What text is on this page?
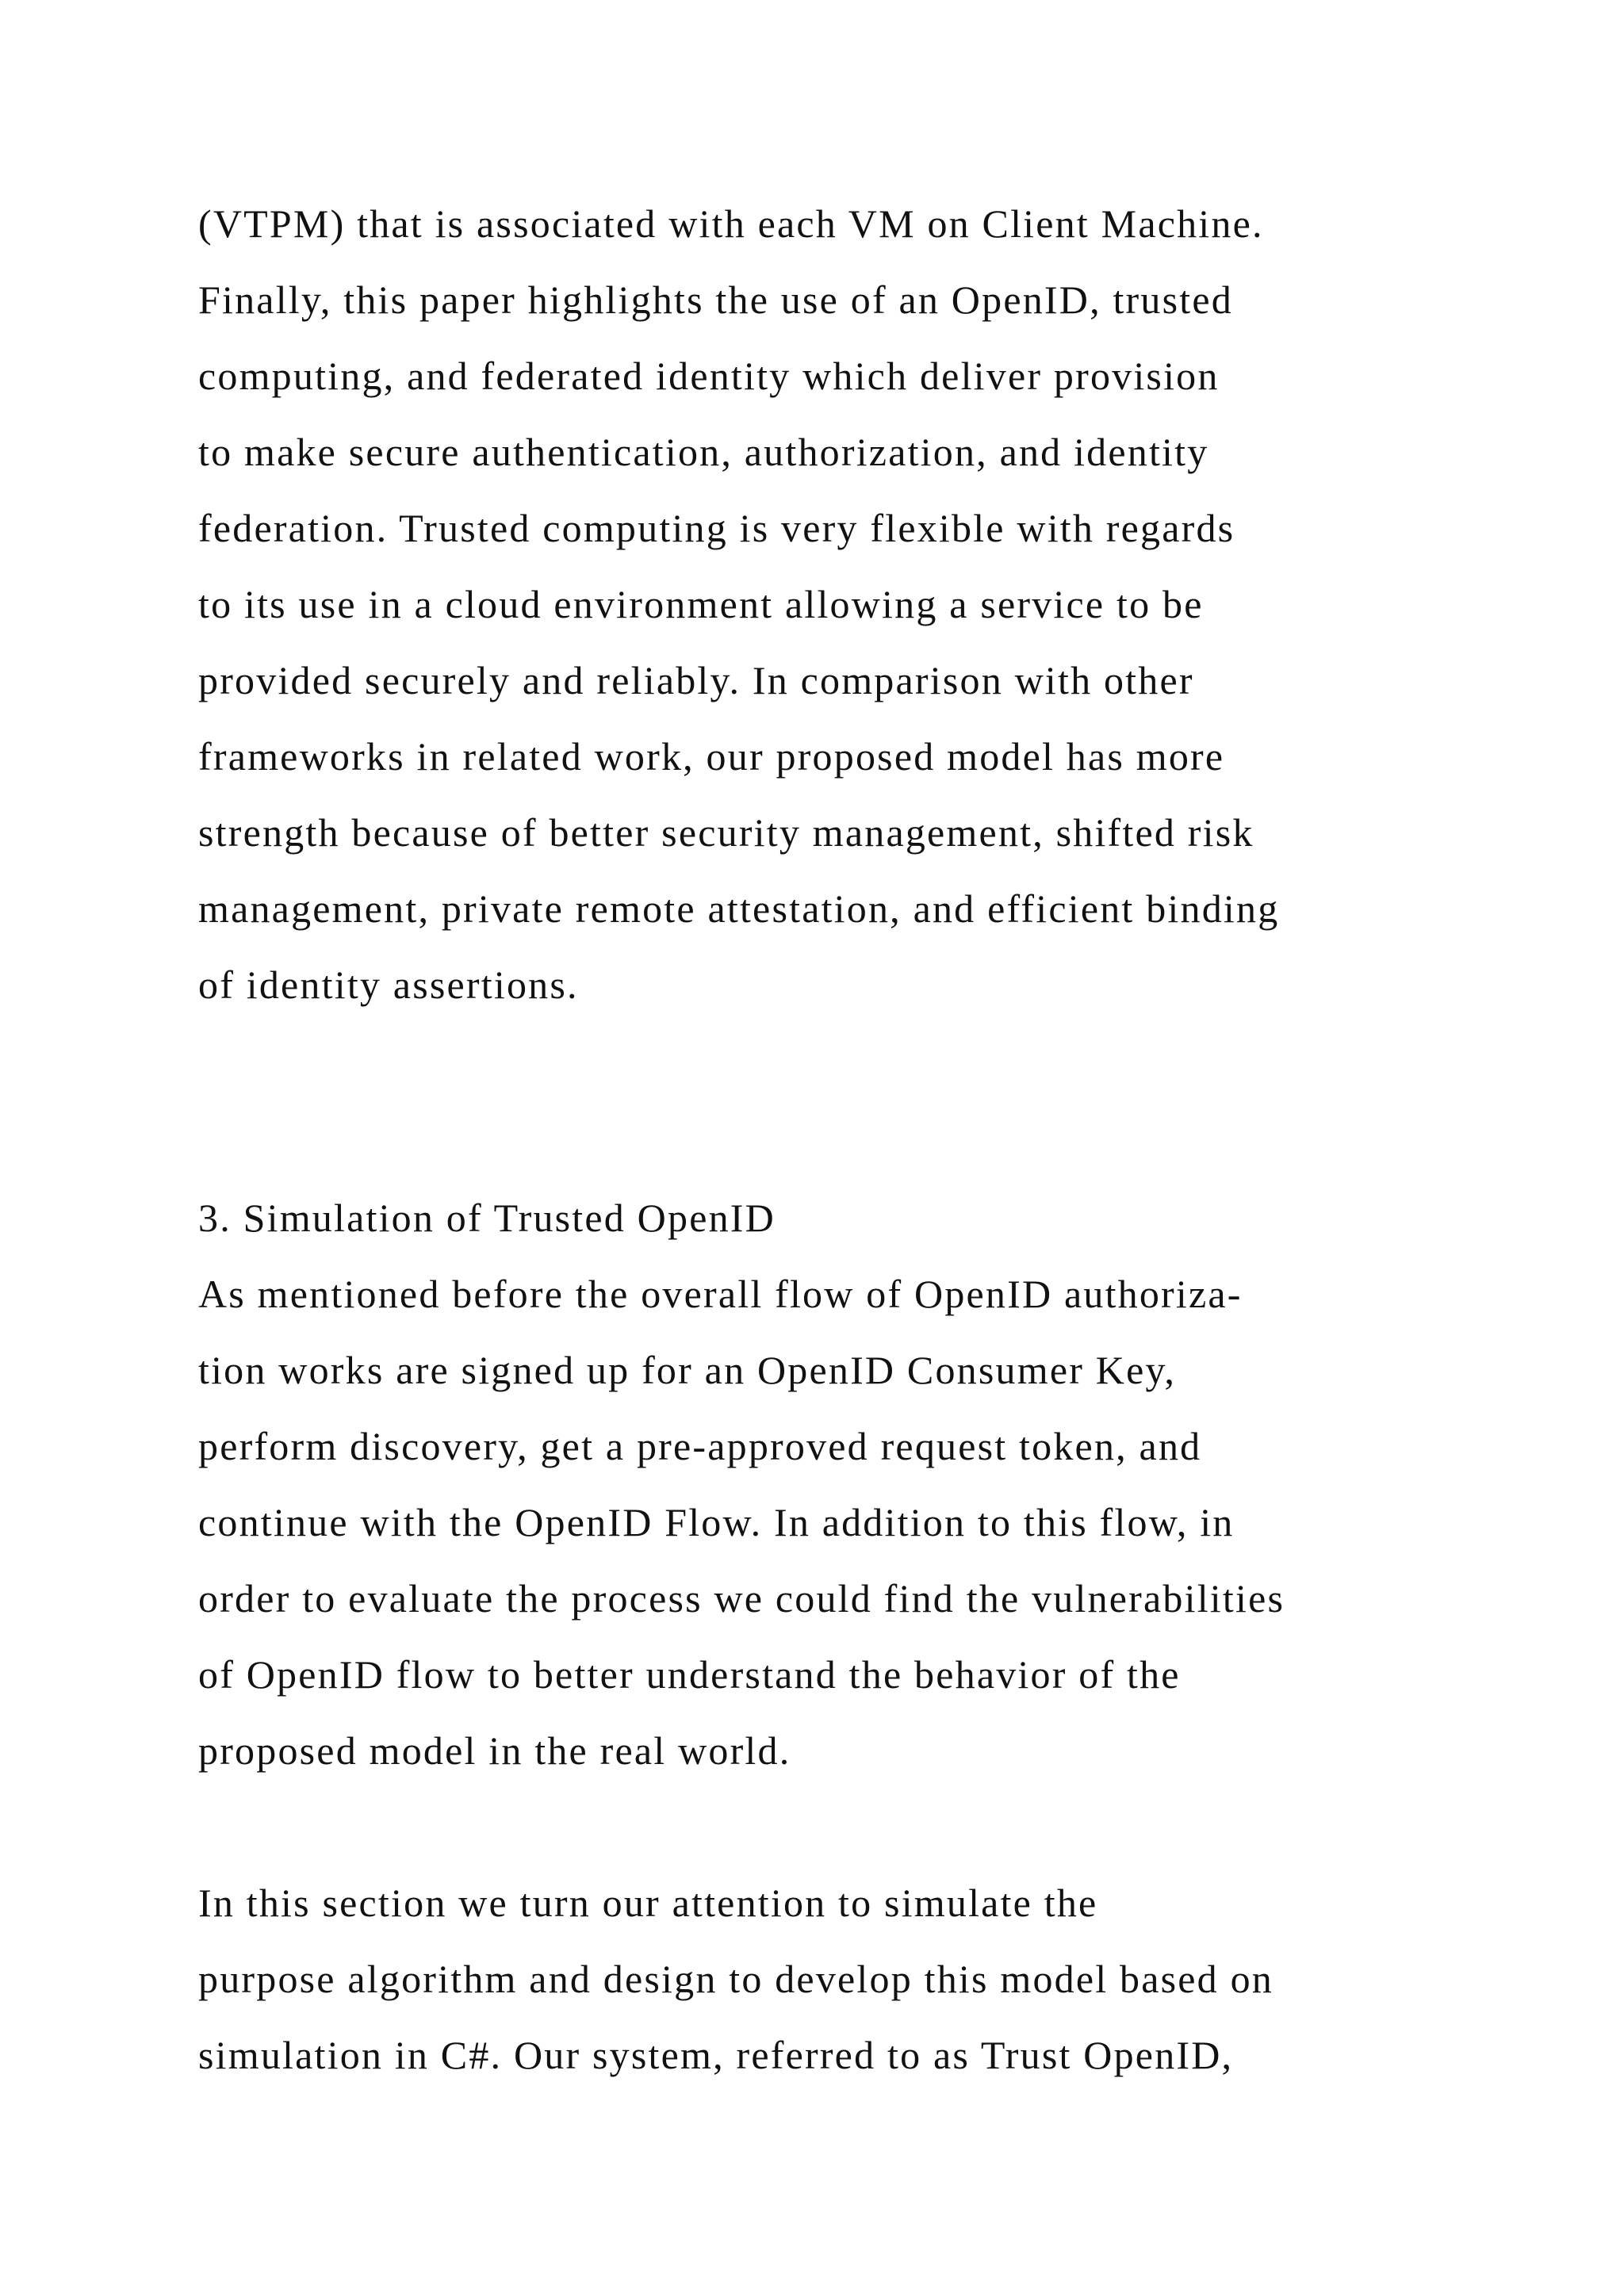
(VTPM) that is associated with each VM on Client Machine.
Finally, this paper highlights the use of an OpenID, trusted
computing, and federated identity which deliver provision
to make secure authentication, authorization, and identity
federation. Trusted computing is very flexible with regards
to its use in a cloud environment allowing a service to be
provided securely and reliably. In comparison with other
frameworks in related work, our proposed model has more
strength because of better security management, shifted risk
management, private remote attestation, and efficient binding
of identity assertions.
3. Simulation of Trusted OpenID
As mentioned before the overall flow of OpenID authoriza-
tion works are signed up for an OpenID Consumer Key,
perform discovery, get a pre-approved request token, and
continue with the OpenID Flow. In addition to this flow, in
order to evaluate the process we could find the vulnerabilities
of OpenID flow to better understand the behavior of the
proposed model in the real world.
In this section we turn our attention to simulate the
purpose algorithm and design to develop this model based on
simulation in C#. Our system, referred to as Trust OpenID,
